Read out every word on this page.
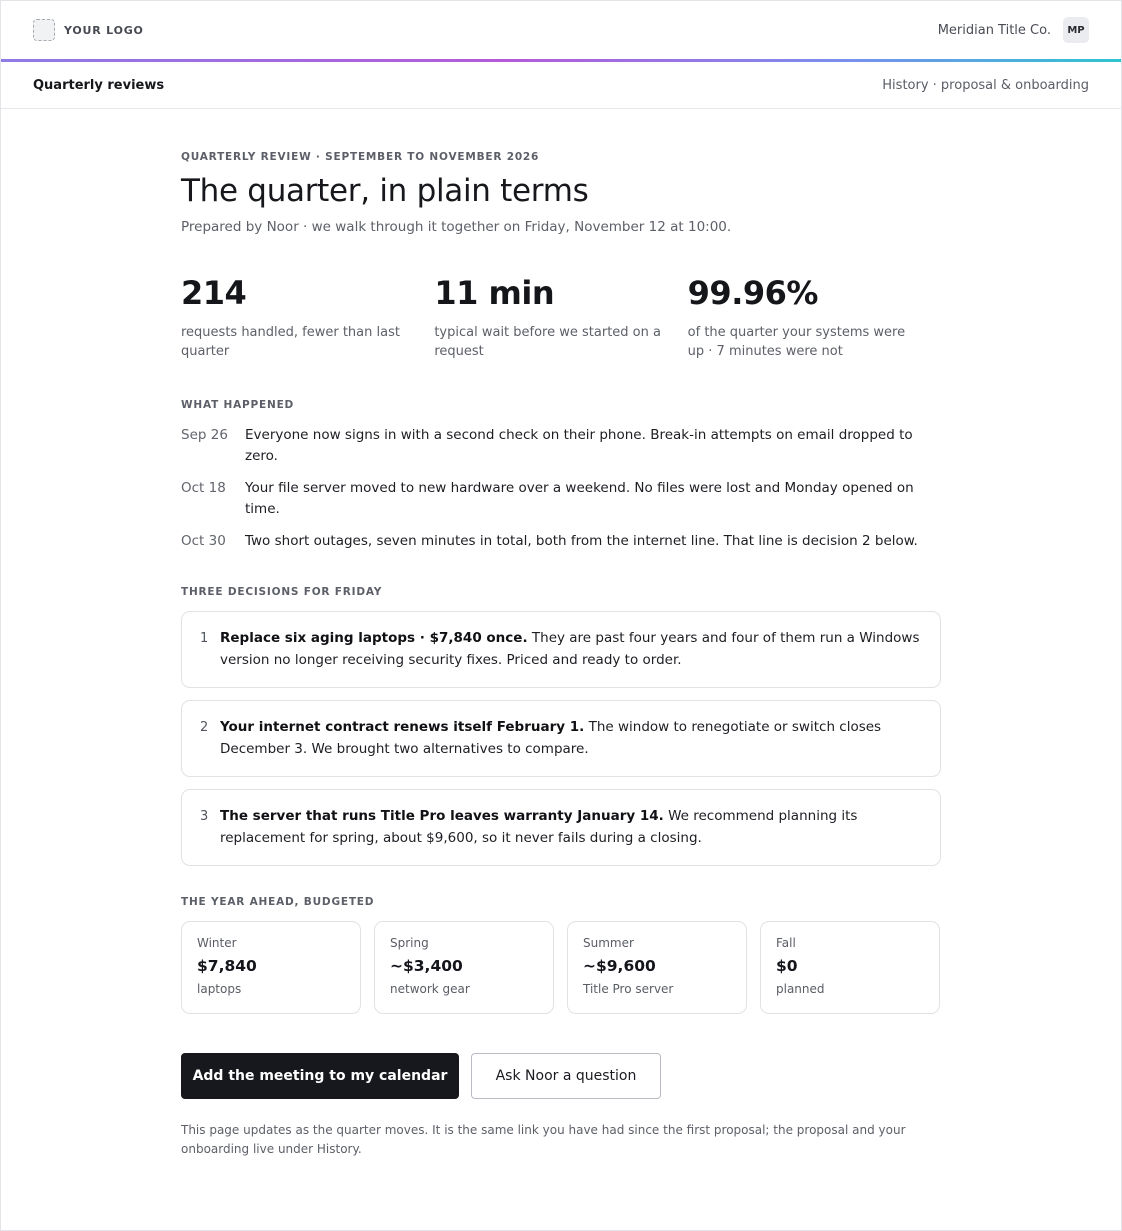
YOUR LOGO	Meridian Title Co.	MP
Quarterly reviews	History · proposal & onboarding
QUARTERLY REVIEW · SEPTEMBER TO NOVEMBER 2026
The quarter, in plain terms

Prepared by Noor · we walk through it together on Friday, November 12 at 10:00.

214
requests handled, fewer than last quarter
11 min
typical wait before we started on a request
99.96%
of the quarter your systems were up · 7 minutes were not
WHAT HAPPENED
Sep 26	Everyone now signs in with a second check on their phone. Break-in attempts on email dropped to zero.
Oct 18	Your file server moved to new hardware over a weekend. No files were lost and Monday opened on time.
Oct 30	Two short outages, seven minutes in total, both from the internet line. That line is decision 2 below.
THREE DECISIONS FOR FRIDAY
1 Replace six aging laptops · $7,840 once. They are past four years and four of them run a Windows version no longer receiving security fixes. Priced and ready to order.

2 Your internet contract renews itself February 1. The window to renegotiate or switch closes December 3. We brought two alternatives to compare.

3 The server that runs Title Pro leaves warranty January 14. We recommend planning its replacement for spring, about $9,600, so it never fails during a closing.

THE YEAR AHEAD, BUDGETED
Winter
$7,840
laptops
Spring
~$3,400
network gear
Summer
~$9,600
Title Pro server
Fall
$0
planned
Add the meeting to my calendar	Ask Noor a question

This page updates as the quarter moves. It is the same link you have had since the first proposal; the proposal and your onboarding live under History.
